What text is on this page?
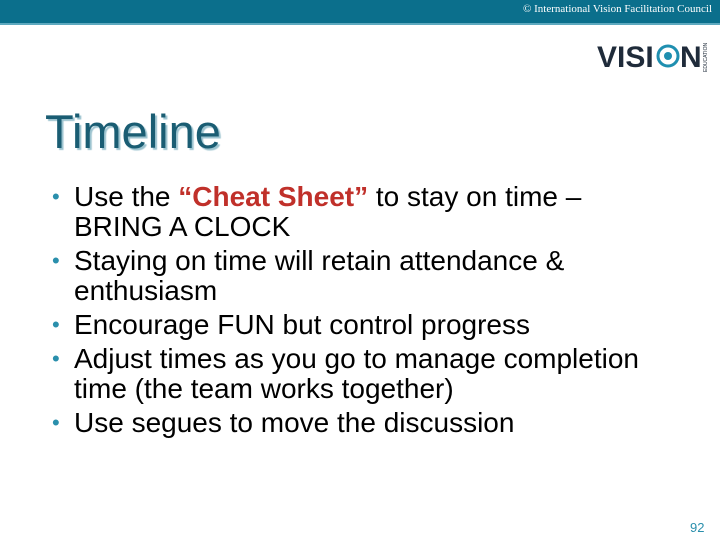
© International Vision Facilitation Council
VISI N EDUCATION
Timeline
• Use the “Cheat Sheet” to stay on time – BRING A CLOCK
• Staying on time will retain attendance & enthusiasm
• Encourage FUN but control progress
• Adjust times as you go to manage completion time (the team works together)
• Use segues to move the discussion
92
